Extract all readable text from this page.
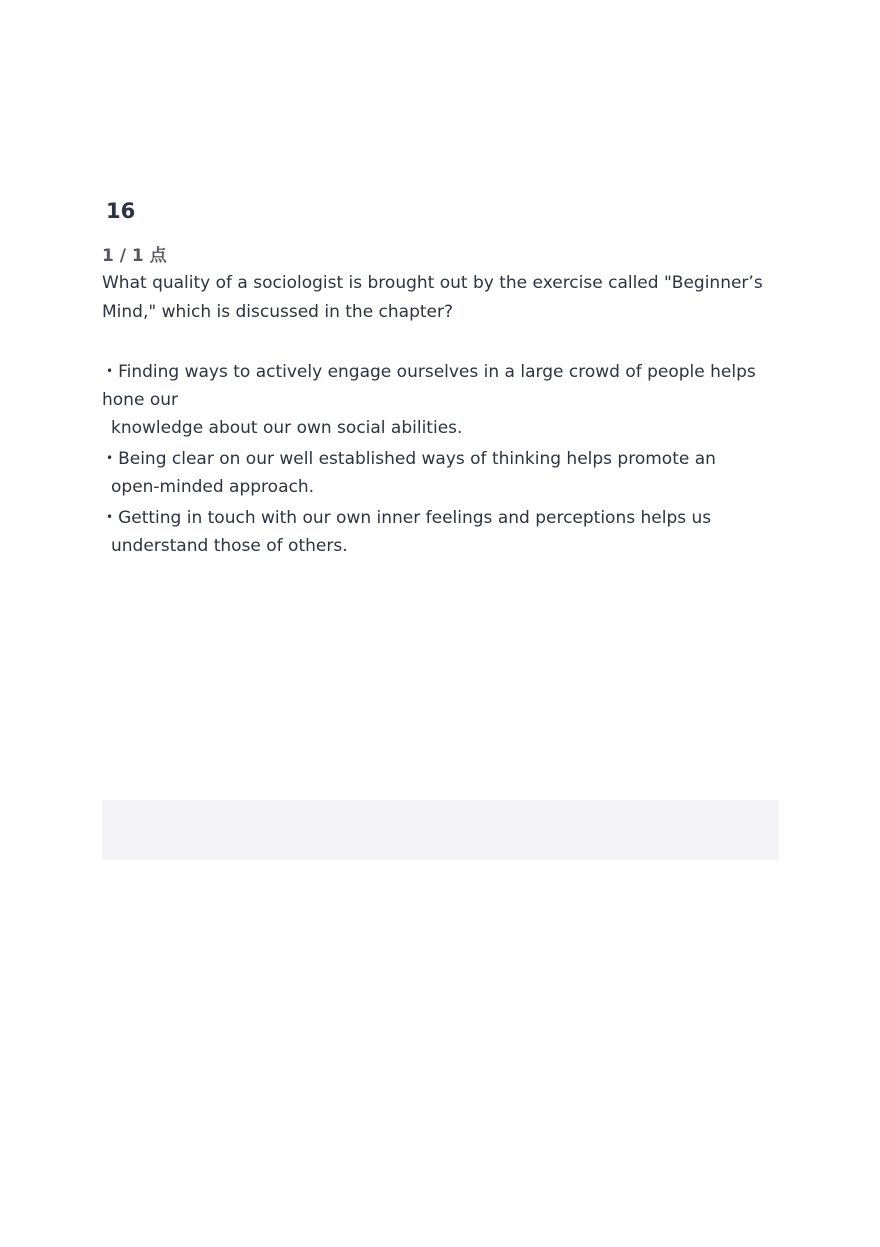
16
1 / 1 点
What quality of a sociologist is brought out by the exercise called "Beginner’s
Mind," which is discussed in the chapter?
• Finding ways to actively engage ourselves in a large crowd of people helps
hone our
knowledge about our own social abilities.
• Being clear on our well established ways of thinking helps promote an
open-minded approach.
• Getting in touch with our own inner feelings and perceptions helps us
understand those of others.
